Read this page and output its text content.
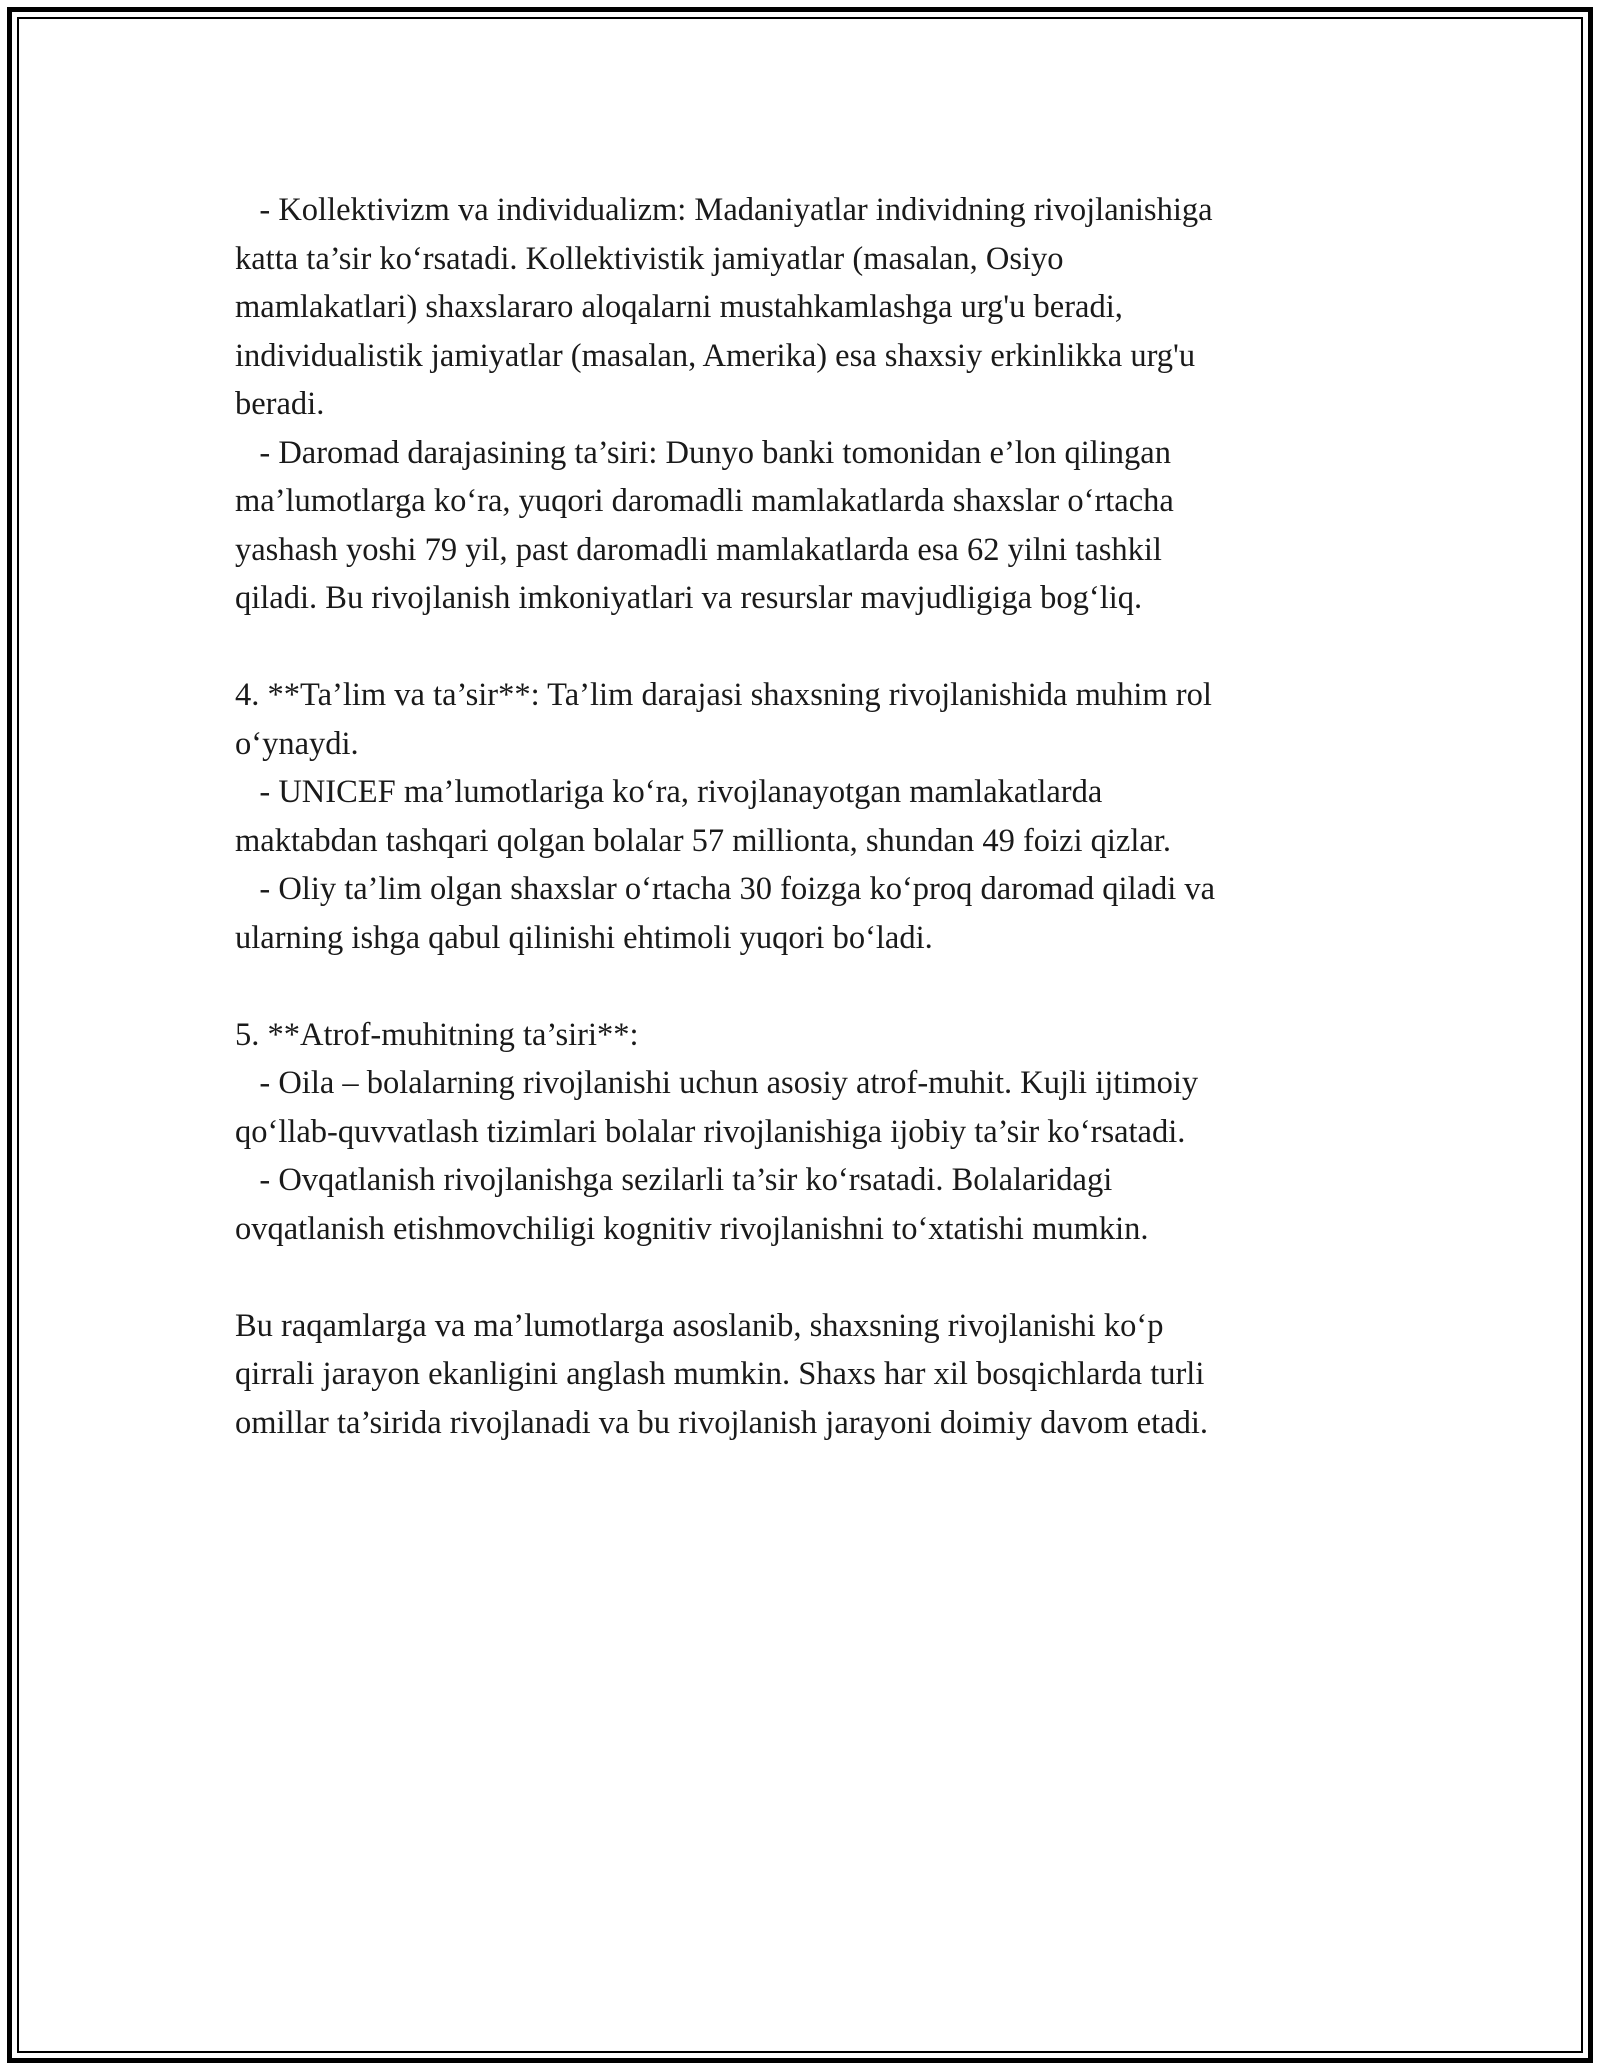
- Kollektivizm va individualizm: Madaniyatlar individning rivojlanishiga
katta ta’sir ko‘rsatadi. Kollektivistik jamiyatlar (masalan, Osiyo
mamlakatlari) shaxslararo aloqalarni mustahkamlashga urg'u beradi,
individualistik jamiyatlar (masalan, Amerika) esa shaxsiy erkinlikka urg'u
beradi.
- Daromad darajasining ta’siri: Dunyo banki tomonidan e’lon qilingan
ma’lumotlarga ko‘ra, yuqori daromadli mamlakatlarda shaxslar o‘rtacha
yashash yoshi 79 yil, past daromadli mamlakatlarda esa 62 yilni tashkil
qiladi. Bu rivojlanish imkoniyatlari va resurslar mavjudligiga bog‘liq.
4. **Ta’lim va ta’sir**: Ta’lim darajasi shaxsning rivojlanishida muhim rol
o‘ynaydi.
- UNICEF ma’lumotlariga ko‘ra, rivojlanayotgan mamlakatlarda
maktabdan tashqari qolgan bolalar 57 millionta, shundan 49 foizi qizlar.
- Oliy ta’lim olgan shaxslar o‘rtacha 30 foizga ko‘proq daromad qiladi va
ularning ishga qabul qilinishi ehtimoli yuqori bo‘ladi.
5. **Atrof-muhitning ta’siri**:
- Oila – bolalarning rivojlanishi uchun asosiy atrof-muhit. Kujli ijtimoiy
qo‘llab-quvvatlash tizimlari bolalar rivojlanishiga ijobiy ta’sir ko‘rsatadi.
- Ovqatlanish rivojlanishga sezilarli ta’sir ko‘rsatadi. Bolalaridagi
ovqatlanish etishmovchiligi kognitiv rivojlanishni to‘xtatishi mumkin.
Bu raqamlarga va ma’lumotlarga asoslanib, shaxsning rivojlanishi ko‘p
qirrali jarayon ekanligini anglash mumkin. Shaxs har xil bosqichlarda turli
omillar ta’sirida rivojlanadi va bu rivojlanish jarayoni doimiy davom etadi.
